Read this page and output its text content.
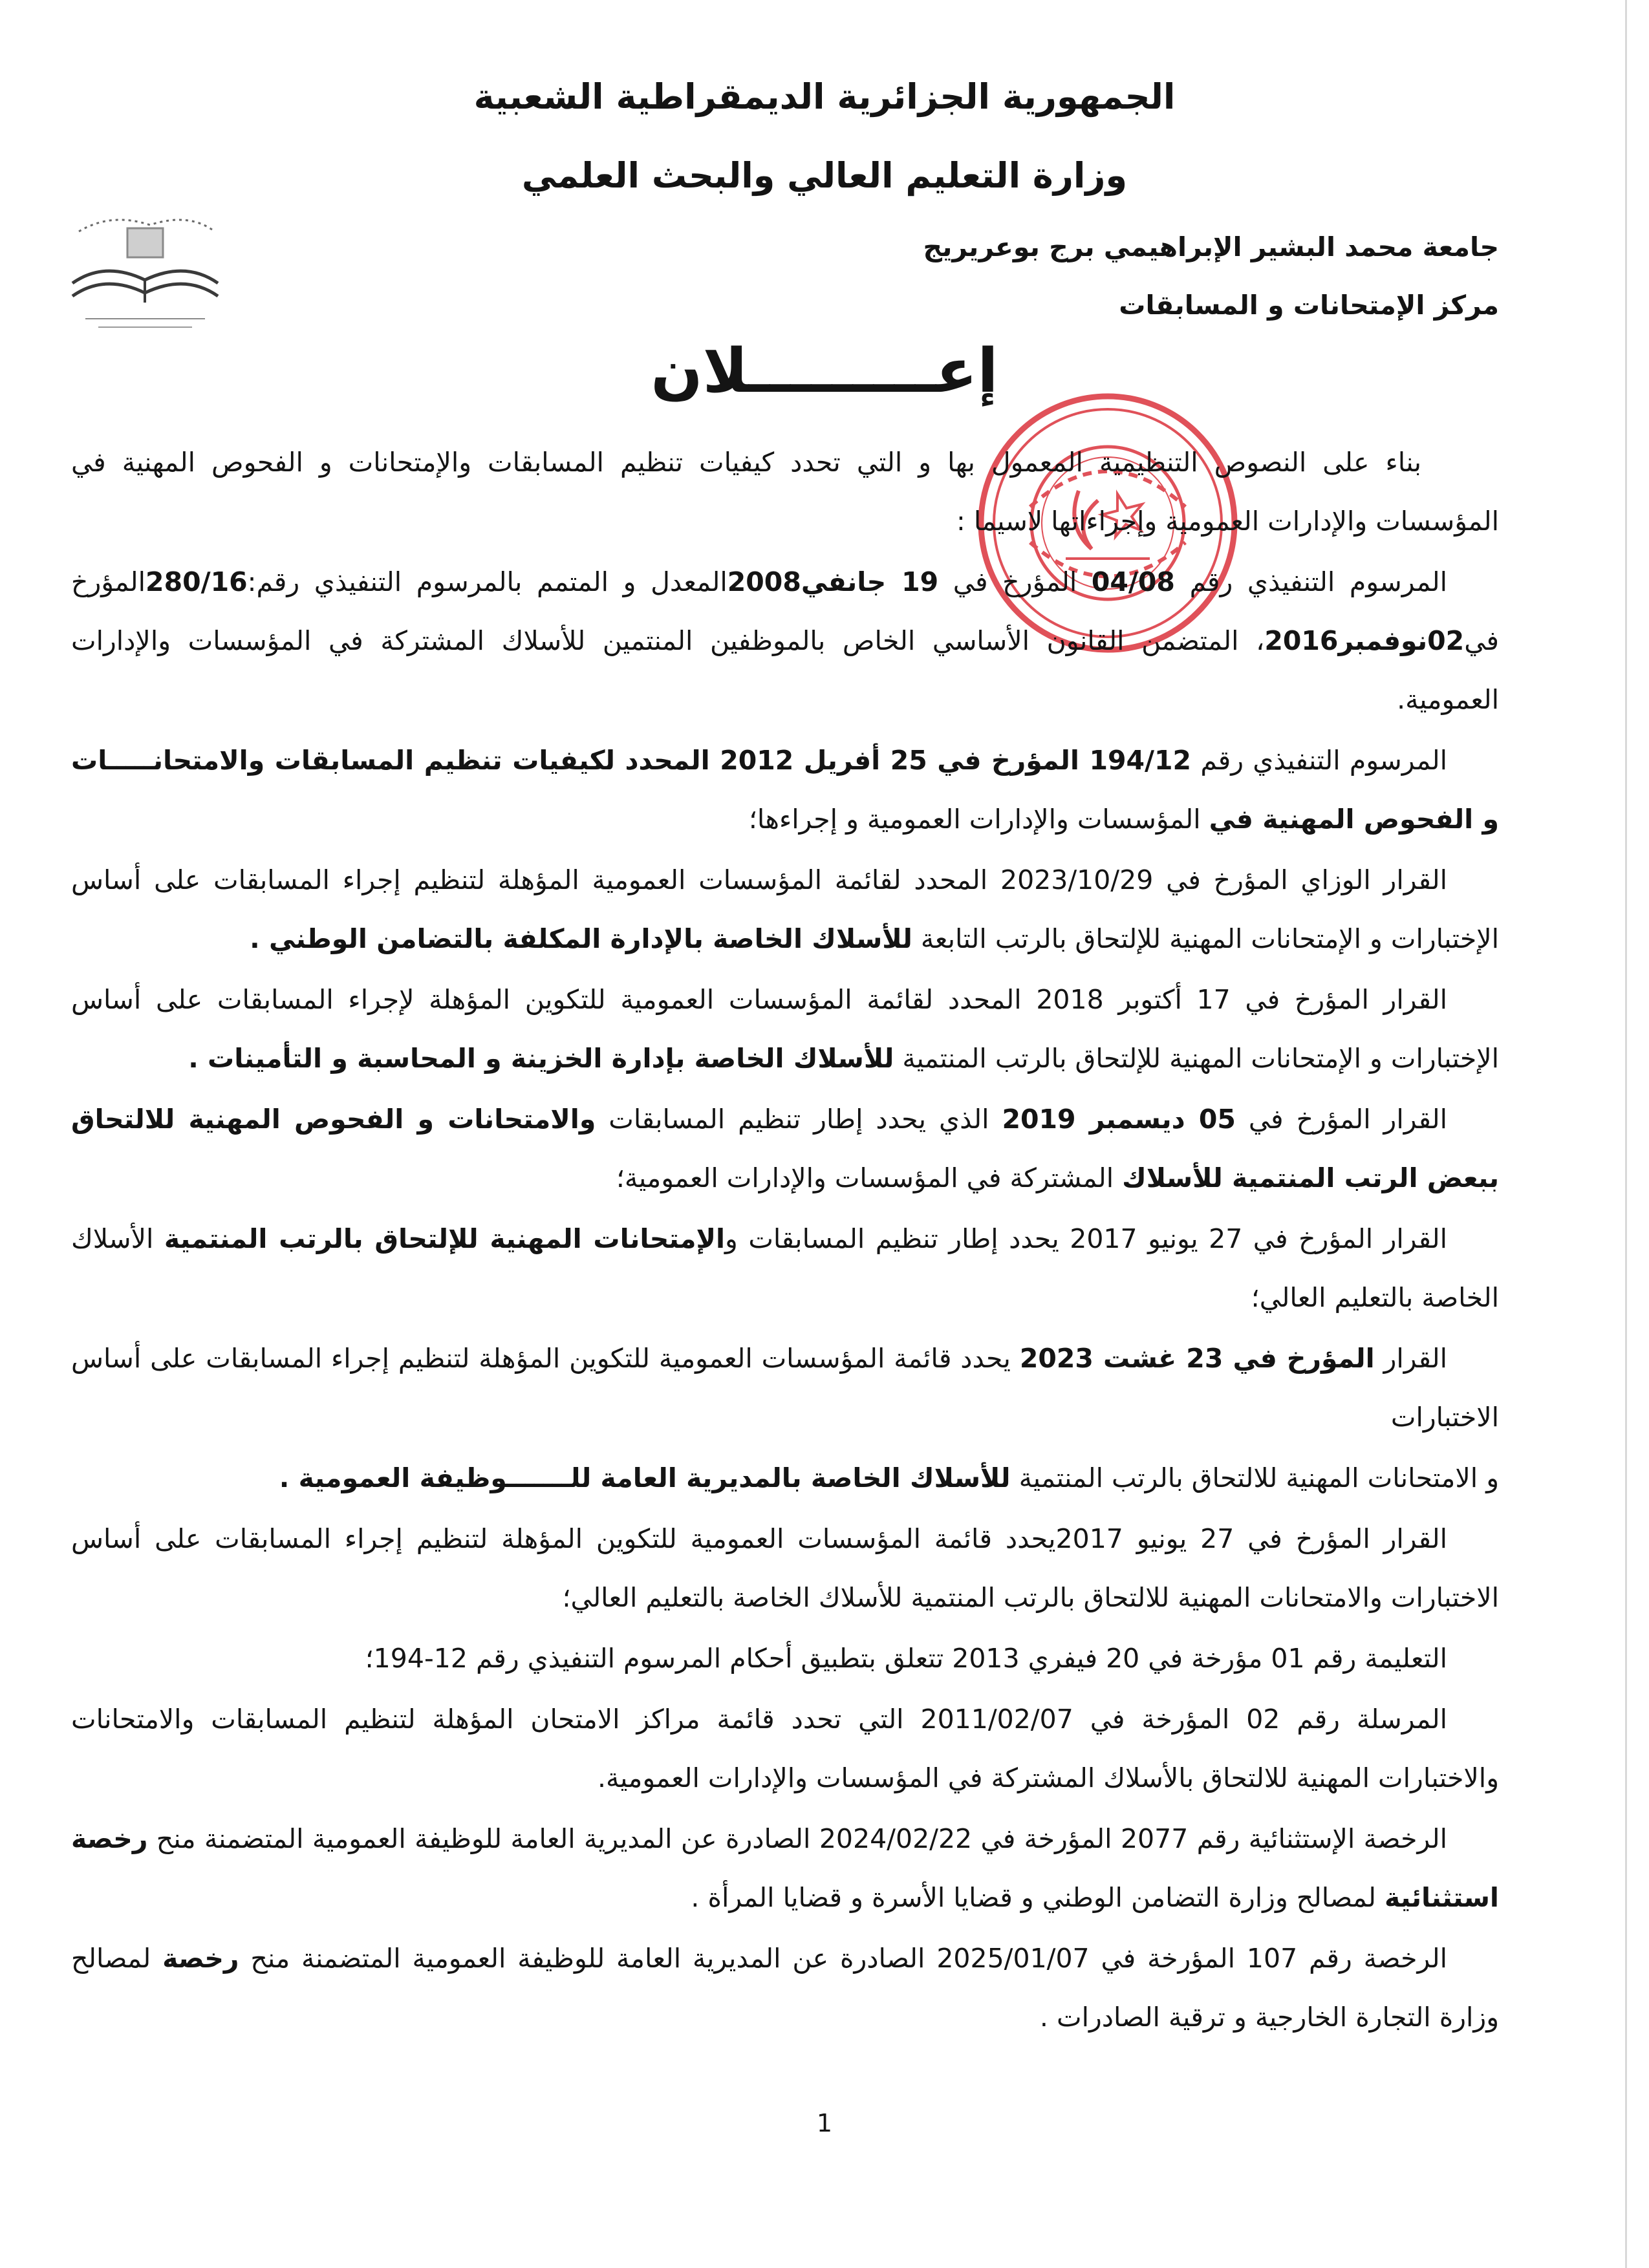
الجمهورية الجزائرية الديمقراطية الشعبية
وزارة التعليم العالي والبحث العلمي
جامعة محمد البشير الإبراهيمي برج بوعريريج
مركز الإمتحانات و المسابقات
إعـــــــــلان

بناء على النصوص التنظيمية المعمول بها و التي تحدد كيفيات تنظيم المسابقات والإمتحانات و الفحوص المهنية في المؤسسات والإدارات العمومية وإجراءاتها لاسيما :

المرسوم التنفيذي رقم 04/08 المؤرخ في 19 جانفي2008المعدل و المتمم بالمرسوم التنفيذي رقم:280/16المؤرخ في02نوفمبر2016، المتضمن القانون الأساسي الخاص بالموظفين المنتمين للأسلاك المشتركة في المؤسسات والإدارات العمومية.

المرسوم التنفيذي رقم 194/12 المؤرخ في 25 أفريل 2012 المحدد لكيفيات تنظيم المسابقات والامتحانـــــات و الفحوص المهنية في المؤسسات والإدارات العمومية و إجراءها؛

القرار الوزاي المؤرخ في 2023/10/29 المحدد لقائمة المؤسسات العمومية المؤهلة لتنظيم إجراء المسابقات على أساس الإختبارات و الإمتحانات المهنية للإلتحاق بالرتب التابعة للأسلاك الخاصة بالإدارة المكلفة بالتضامن الوطني .

القرار المؤرخ في 17 أكتوبر 2018 المحدد لقائمة المؤسسات العمومية للتكوين المؤهلة لإجراء المسابقات على أساس الإختبارات و الإمتحانات المهنية للإلتحاق بالرتب المنتمية للأسلاك الخاصة بإدارة الخزينة و المحاسبة و التأمينات .

القرار المؤرخ في 05 ديسمبر 2019 الذي يحدد إطار تنظيم المسابقات والامتحانات و الفحوص المهنية للالتحاق ببعض الرتب المنتمية للأسلاك المشتركة في المؤسسات والإدارات العمومية؛

القرار المؤرخ في 27 يونيو 2017 يحدد إطار تنظيم المسابقات والإمتحانات المهنية للإلتحاق بالرتب المنتمية الأسلاك الخاصة بالتعليم العالي؛

القرار المؤرخ في 23 غشت 2023 يحدد قائمة المؤسسات العمومية للتكوين المؤهلة لتنظيم إجراء المسابقات على أساس الاختبارات

و الامتحانات المهنية للالتحاق بالرتب المنتمية للأسلاك الخاصة بالمديرية العامة للـــــــوظيفة العمومية .

القرار المؤرخ في 27 يونيو 2017يحدد قائمة المؤسسات العمومية للتكوين المؤهلة لتنظيم إجراء المسابقات على أساس الاختبارات والامتحانات المهنية للالتحاق بالرتب المنتمية للأسلاك الخاصة بالتعليم العالي؛

التعليمة رقم 01 مؤرخة في 20 فيفري 2013 تتعلق بتطبيق أحكام المرسوم التنفيذي رقم 12-194؛

المرسلة رقم 02 المؤرخة في 2011/02/07 التي تحدد قائمة مراكز الامتحان المؤهلة لتنظيم المسابقات والامتحانات والاختبارات المهنية للالتحاق بالأسلاك المشتركة في المؤسسات والإدارات العمومية.

الرخصة الإستثنائية رقم 2077 المؤرخة في 2024/02/22 الصادرة عن المديرية العامة للوظيفة العمومية المتضمنة منح رخصة استثنائية لمصالح وزارة التضامن الوطني و قضايا الأسرة و قضايا المرأة .

الرخصة رقم 107 المؤرخة في 2025/01/07 الصادرة عن المديرية العامة للوظيفة العمومية المتضمنة منح رخصة لمصالح وزارة التجارة الخارجية و ترقية الصادرات .

1
